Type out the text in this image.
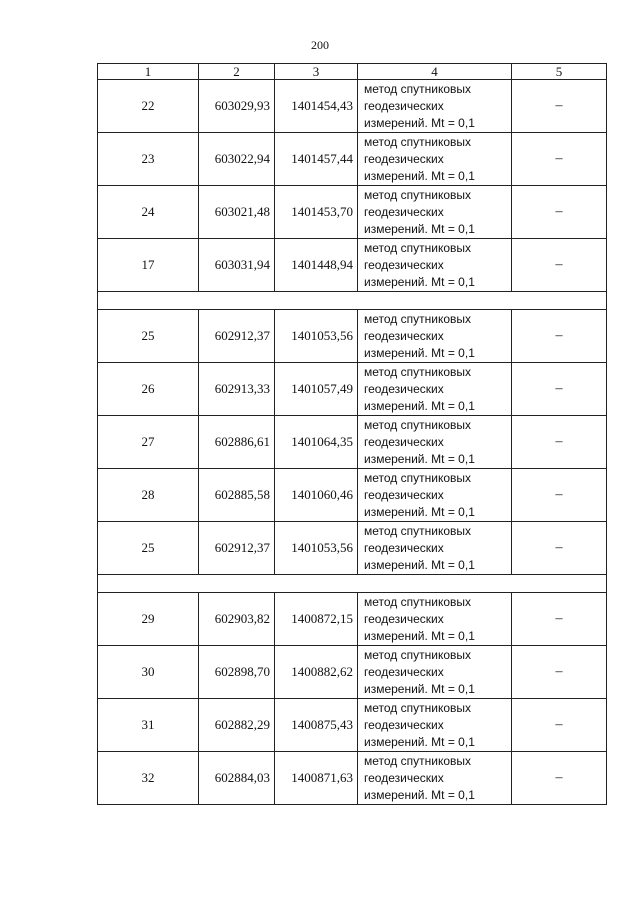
200
1	2	3	4	5
22	603029,93	1401454,43	метод спутниковых
геодезических
измерений. Mt = 0,1	–
23	603022,94	1401457,44	метод спутниковых
геодезических
измерений. Mt = 0,1	–
24	603021,48	1401453,70	метод спутниковых
геодезических
измерений. Mt = 0,1	–
17	603031,94	1401448,94	метод спутниковых
геодезических
измерений. Mt = 0,1	–

25	602912,37	1401053,56	метод спутниковых
геодезических
измерений. Mt = 0,1	–
26	602913,33	1401057,49	метод спутниковых
геодезических
измерений. Mt = 0,1	–
27	602886,61	1401064,35	метод спутниковых
геодезических
измерений. Mt = 0,1	–
28	602885,58	1401060,46	метод спутниковых
геодезических
измерений. Mt = 0,1	–
25	602912,37	1401053,56	метод спутниковых
геодезических
измерений. Mt = 0,1	–

29	602903,82	1400872,15	метод спутниковых
геодезических
измерений. Mt = 0,1	–
30	602898,70	1400882,62	метод спутниковых
геодезических
измерений. Mt = 0,1	–
31	602882,29	1400875,43	метод спутниковых
геодезических
измерений. Mt = 0,1	–
32	602884,03	1400871,63	метод спутниковых
геодезических
измерений. Mt = 0,1	–
